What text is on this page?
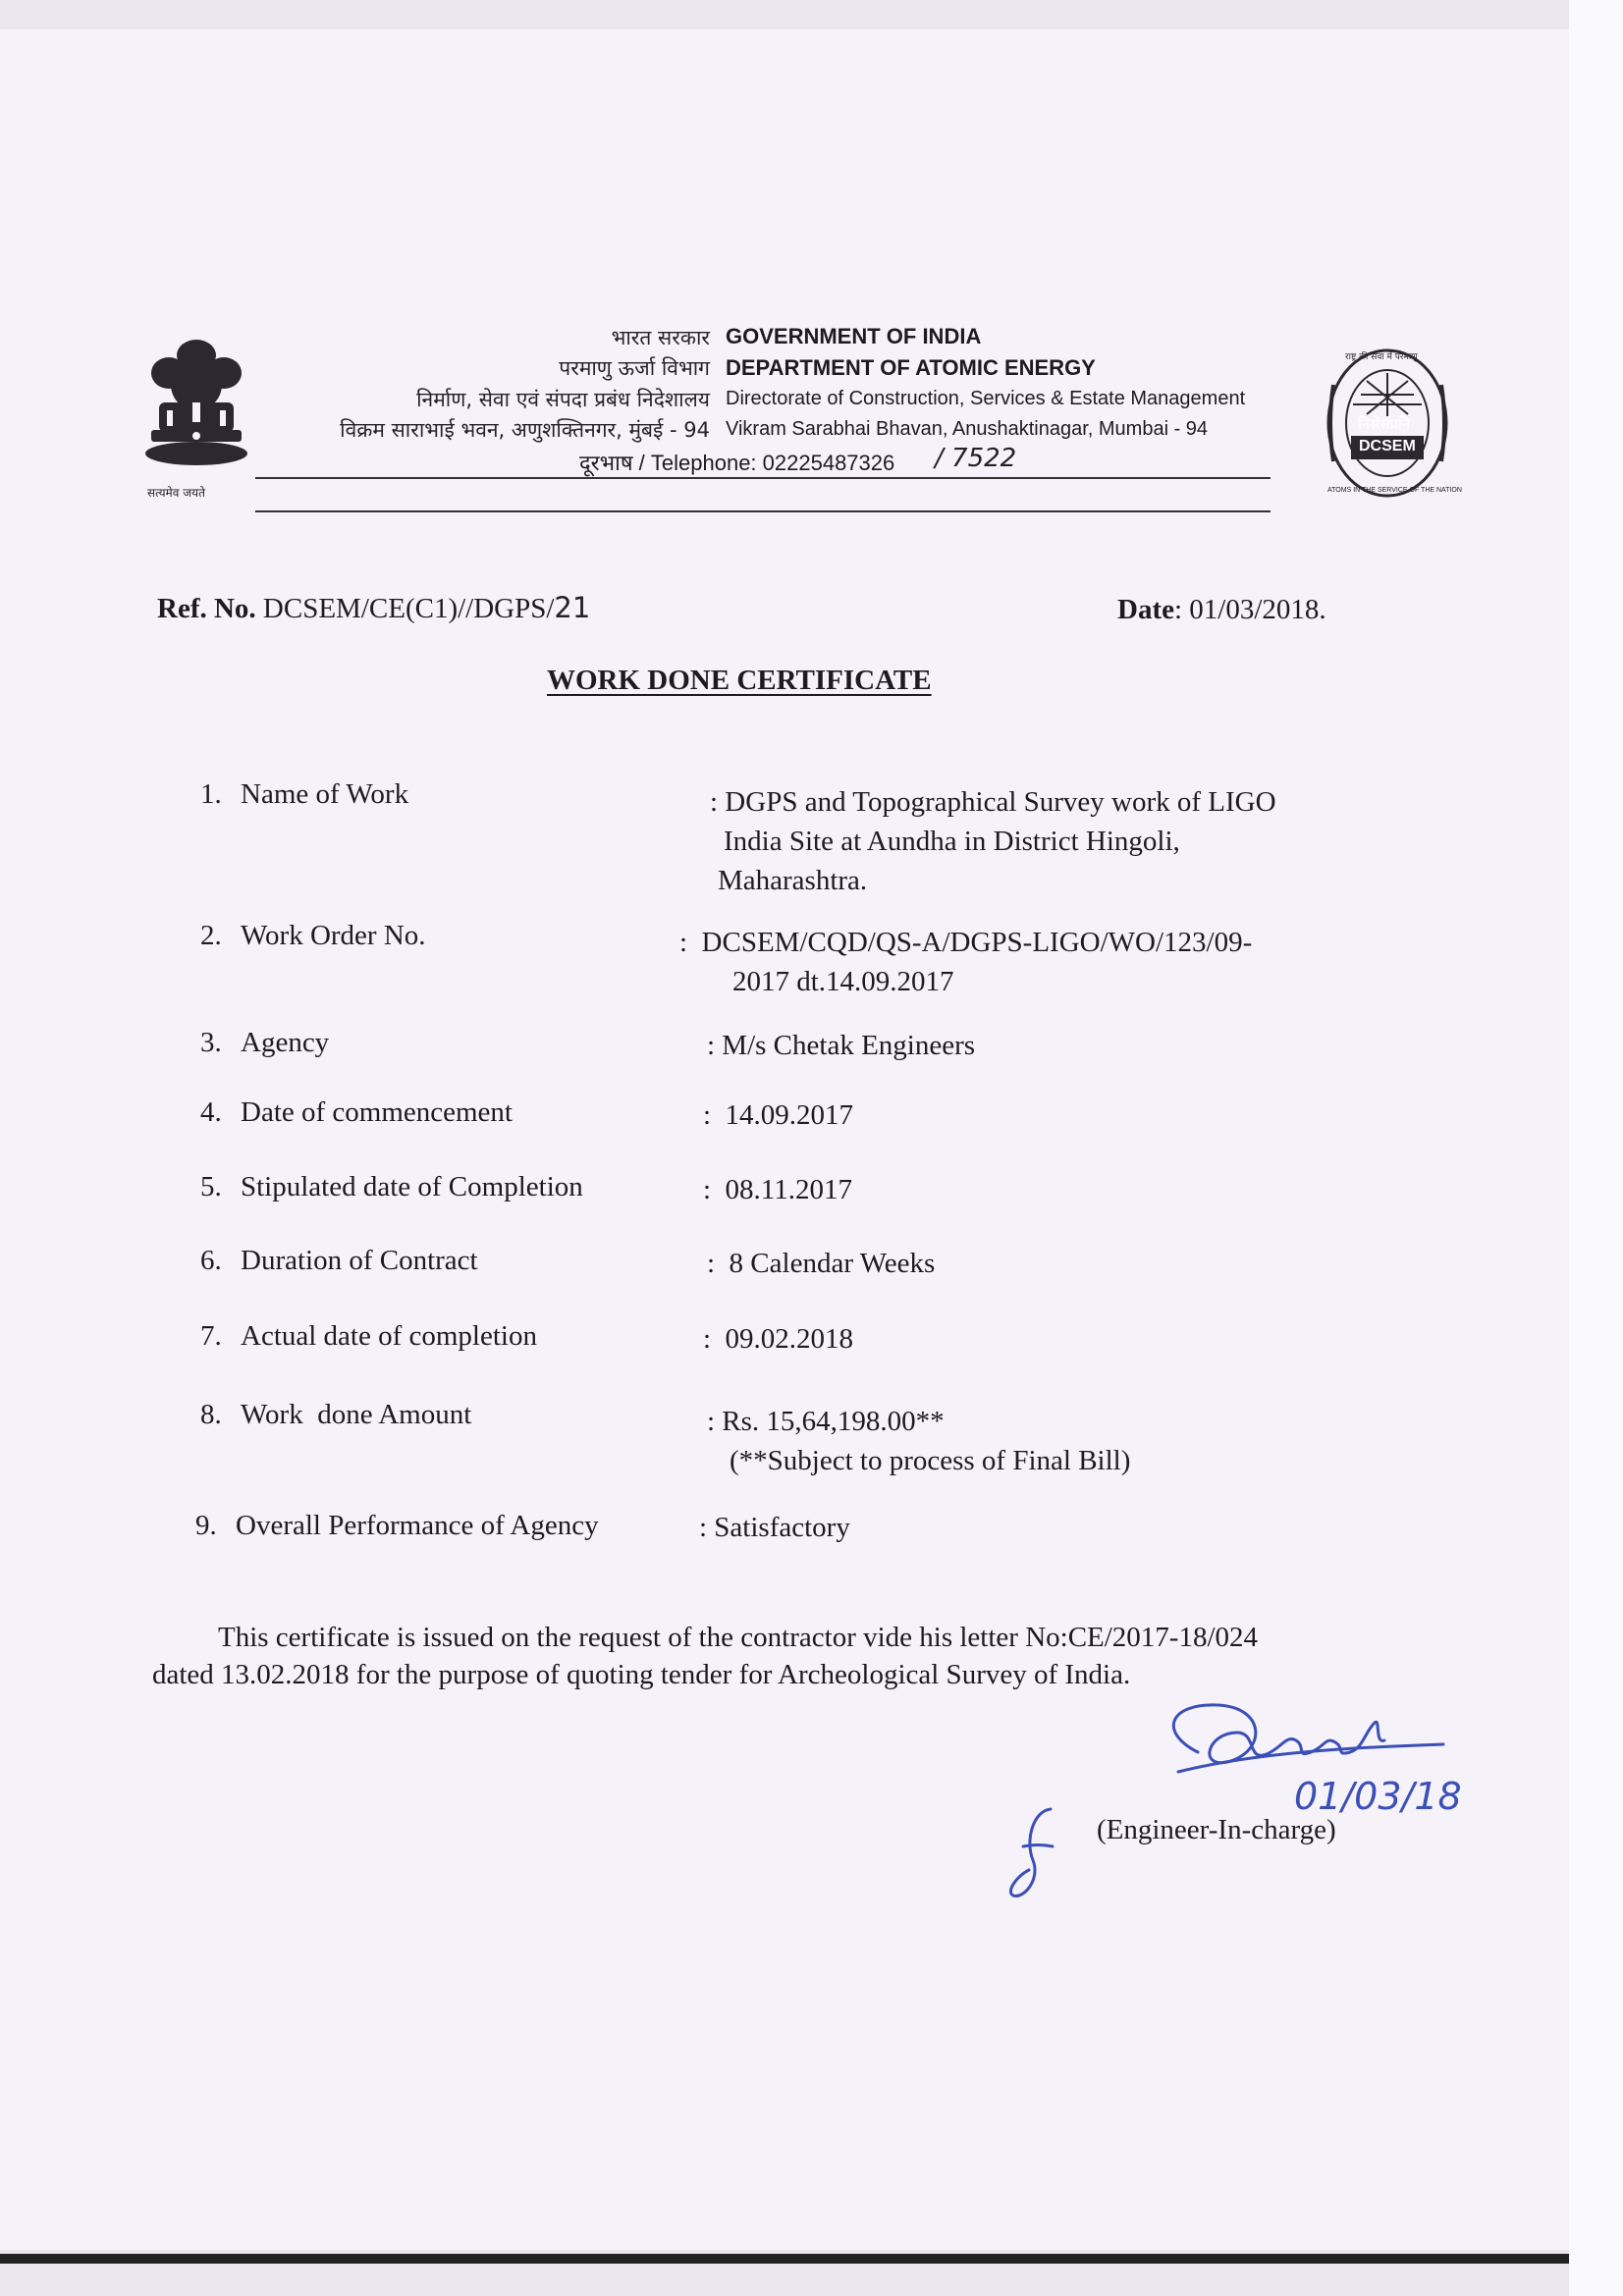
सत्यमेव जयते
भारत सरकार
परमाणु ऊर्जा विभाग
निर्माण, सेवा एवं संपदा प्रबंध निदेशालय
विक्रम साराभाई भवन, अणुशक्तिनगर, मुंबई - 94
GOVERNMENT OF INDIA
DEPARTMENT OF ATOMIC ENERGY
Directorate of Construction, Services & Estate Management
Vikram Sarabhai Bhavan, Anushaktinagar, Mumbai - 94
दूरभाष / Telephone: 02225487326 / 7522
निसेसप्रनि
DCSEM
राष्ट्र की सेवा में परमाणु
ATOMS IN THE SERVICE OF THE NATION
Ref. No. DCSEM/CE(C1)//DGPS/21	Date: 01/03/2018.
WORK DONE CERTIFICATE
1. Name of Work	: DGPS and Topographical Survey work of LIGO
India Site at Aundha in District Hingoli,
Maharashtra.
2. Work Order No.	:  DCSEM/CQD/QS-A/DGPS-LIGO/WO/123/09-
2017 dt.14.09.2017
3. Agency	: M/s Chetak Engineers
4. Date of commencement	:  14.09.2017
5. Stipulated date of Completion	:  08.11.2017
6. Duration of Contract	:  8 Calendar Weeks
7. Actual date of completion	:  09.02.2018
8. Work  done Amount	: Rs. 15,64,198.00**
(**Subject to process of Final Bill)
9. Overall Performance of Agency	: Satisfactory
This certificate is issued on the request of the contractor vide his letter No:CE/2017-18/024
dated 13.02.2018 for the purpose of quoting tender for Archeological Survey of India.
01/03/18
(Engineer-In-charge)
